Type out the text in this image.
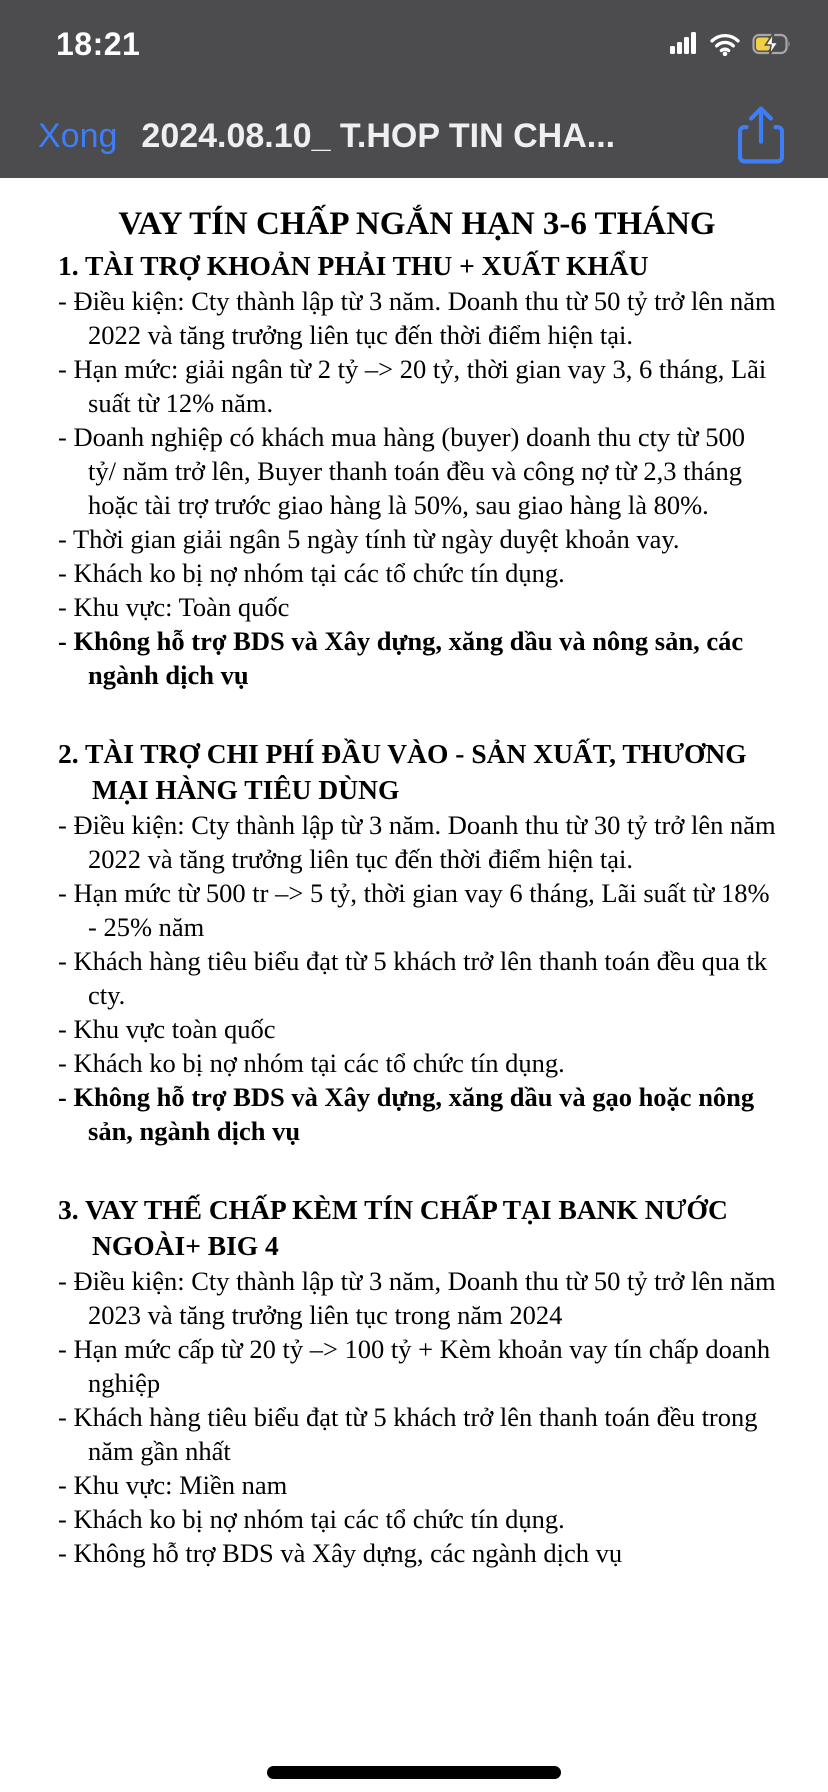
18:21
Xong 2024.08.10_ T.HOP TIN CHA...
VAY TÍN CHẤP NGẮN HẠN 3-6 THÁNG
1. TÀI TRỢ KHOẢN PHẢI THU + XUẤT KHẨU

- Điều kiện: Cty thành lập từ 3 năm. Doanh thu từ 50 tỷ trở lên năm 2022 và tăng trưởng liên tục đến thời điểm hiện tại.

- Hạn mức: giải ngân từ 2 tỷ –> 20 tỷ, thời gian vay 3, 6 tháng, Lãi suất từ 12% năm.

- Doanh nghiệp có khách mua hàng (buyer) doanh thu cty từ 500 tỷ/ năm trở lên, Buyer thanh toán đều và công nợ từ 2,3 tháng hoặc tài trợ trước giao hàng là 50%, sau giao hàng là 80%.

- Thời gian giải ngân 5 ngày tính từ ngày duyệt khoản vay.

- Khách ko bị nợ nhóm tại các tổ chức tín dụng.

- Khu vực: Toàn quốc

- Không hỗ trợ BDS và Xây dựng, xăng dầu và nông sản, các ngành dịch vụ

2. TÀI TRỢ CHI PHÍ ĐẦU VÀO - SẢN XUẤT, THƯƠNG MẠI HÀNG TIÊU DÙNG

- Điều kiện: Cty thành lập từ 3 năm. Doanh thu từ 30 tỷ trở lên năm 2022 và tăng trưởng liên tục đến thời điểm hiện tại.

- Hạn mức từ 500 tr –> 5 tỷ, thời gian vay 6 tháng, Lãi suất từ 18% - 25% năm

- Khách hàng tiêu biểu đạt từ 5 khách trở lên thanh toán đều qua tk cty.

- Khu vực toàn quốc

- Khách ko bị nợ nhóm tại các tổ chức tín dụng.

- Không hỗ trợ BDS và Xây dựng, xăng dầu và gạo hoặc nông sản, ngành dịch vụ

3. VAY THẾ CHẤP KÈM TÍN CHẤP TẠI BANK NƯỚC NGOÀI+ BIG 4

- Điều kiện: Cty thành lập từ 3 năm, Doanh thu từ 50 tỷ trở lên năm 2023 và tăng trưởng liên tục trong năm 2024

- Hạn mức cấp từ 20 tỷ –> 100 tỷ + Kèm khoản vay tín chấp doanh nghiệp

- Khách hàng tiêu biểu đạt từ 5 khách trở lên thanh toán đều trong năm gần nhất

- Khu vực: Miền nam

- Khách ko bị nợ nhóm tại các tổ chức tín dụng.

- Không hỗ trợ BDS và Xây dựng, các ngành dịch vụ
